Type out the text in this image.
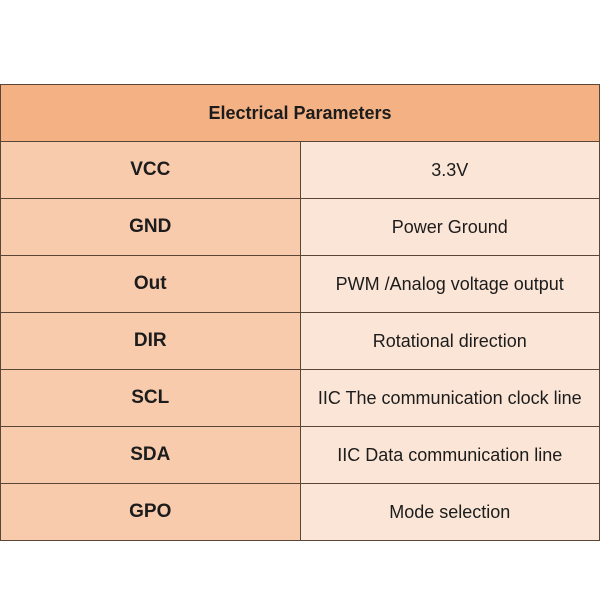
Electrical Parameters	
VCC	3.3V
GND	Power Ground
Out	PWM /Analog voltage output
DIR	Rotational direction
SCL	IIC The communication clock line
SDA	IIC Data communication line
GPO	Mode selection
